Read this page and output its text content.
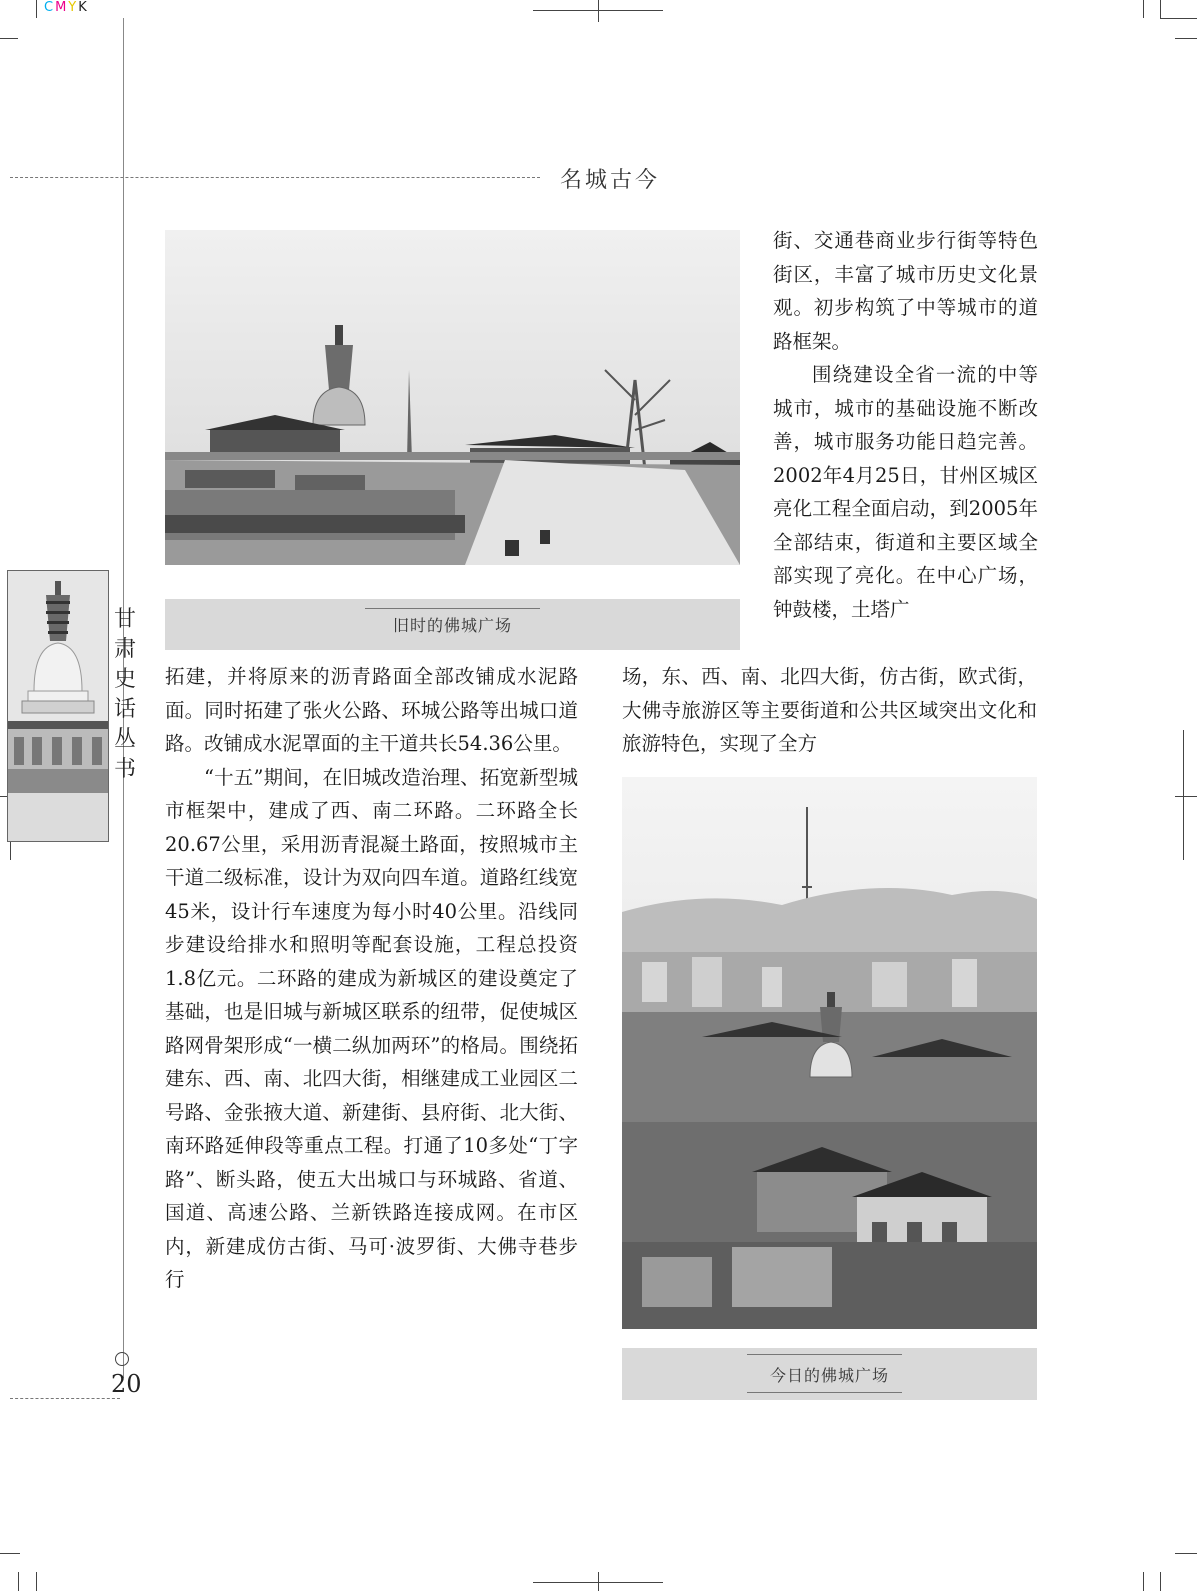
CMYK
名城古今
甘
肃
史
话
丛
书
20
旧时的佛城广场
今日的佛城广场

街、交通巷商业步行街等特色街区，丰富了城市历史文化景观。初步构筑了中等城市的道路框架。

围绕建设全省一流的中等城市，城市的基础设施不断改善，城市服务功能日趋完善。2002年4月25日，甘州区城区亮化工程全面启动，到2005年全部结束，街道和主要区域全部实现了亮化。在中心广场，钟鼓楼，土塔广

场，东、西、南、北四大街，仿古街，欧式街，大佛寺旅游区等主要街道和公共区域突出文化和旅游特色，实现了全方

拓建，并将原来的沥青路面全部改铺成水泥路面。同时拓建了张火公路、环城公路等出城口道路。改铺成水泥罩面的主干道共长54.36公里。

“十五”期间，在旧城改造治理、拓宽新型城市框架中，建成了西、南二环路。二环路全长20.67公里，采用沥青混凝土路面，按照城市主干道二级标准，设计为双向四车道。道路红线宽45米，设计行车速度为每小时40公里。沿线同步建设给排水和照明等配套设施，工程总投资1.8亿元。二环路的建成为新城区的建设奠定了基础，也是旧城与新城区联系的纽带，促使城区路网骨架形成“一横二纵加两环”的格局。围绕拓建东、西、南、北四大街，相继建成工业园区二号路、金张掖大道、新建街、县府街、北大街、南环路延伸段等重点工程。打通了10多处“丁字路”、断头路，使五大出城口与环城路、省道、国道、高速公路、兰新铁路连接成网。在市区内，新建成仿古街、马可·波罗街、大佛寺巷步行
